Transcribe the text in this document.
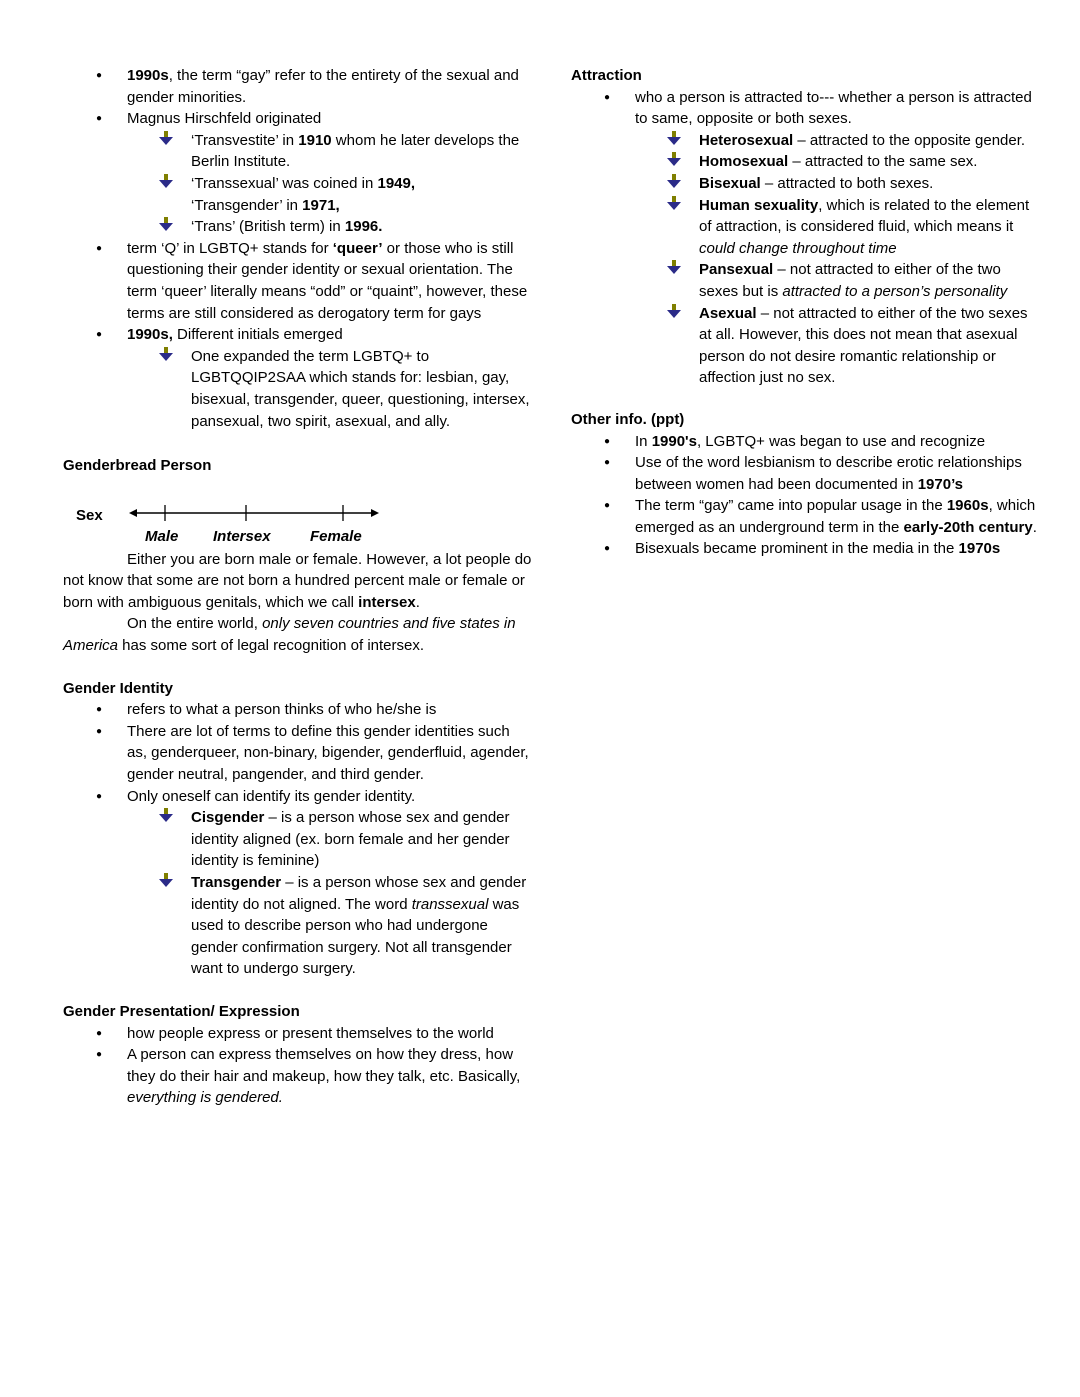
●
1990s, the term “gay” refer to the entirety of the sexual and gender minorities.
●
Magnus Hirschfeld originated
‘Transvestite’ in 1910 whom he later develops the Berlin Institute.
‘Transsexual’ was coined in 1949,
‘Transgender’ in 1971,
‘Trans’ (British term) in 1996.
●
term ‘Q’ in LGBTQ+ stands for ‘queer’ or those who is still questioning their gender identity or sexual orientation. The term ‘queer’ literally means “odd” or “quaint”, however, these terms are still considered as derogatory term for gays
●
1990s, Different initials emerged
One expanded the term LGBTQ+ to LGBTQQIP2SAA which stands for: lesbian, gay, bisexual, transgender, queer, questioning, intersex, pansexual, two spirit, asexual, and ally.

Genderbread Person

Sex
Male Intersex	Female

Either you are born male or female. However, a lot people do not know that some are not born a hundred percent male or female or born with ambiguous genitals, which we call intersex.

On the entire world, only seven countries and five states in America has some sort of legal recognition of intersex.

Gender Identity

●
refers to what a person thinks of who he/she is
●
There are lot of terms to define this gender identities such as, genderqueer, non-binary, bigender, genderfluid, agender, gender neutral, pangender, and third gender.
●
Only oneself can identify its gender identity.
Cisgender – is a person whose sex and gender identity aligned (ex. born female and her gender identity is feminine)
Transgender – is a person whose sex and gender identity do not aligned. The word transsexual was used to describe person who had undergone gender confirmation surgery. Not all transgender want to undergo surgery.

Gender Presentation/ Expression

●
how people express or present themselves to the world
●
A person can express themselves on how they dress, how they do their hair and makeup, how they talk, etc. Basically, everything is gendered.

Attraction

●
who a person is attracted to--- whether a person is attracted to same, opposite or both sexes.
Heterosexual – attracted to the opposite gender.
Homosexual – attracted to the same sex.
Bisexual – attracted to both sexes.
Human sexuality, which is related to the element of attraction, is considered fluid, which means it could change throughout time
Pansexual – not attracted to either of the two sexes but is attracted to a person’s personality
Asexual – not attracted to either of the two sexes at all. However, this does not mean that asexual person do not desire romantic relationship or affection just no sex.

Other info. (ppt)

●
In 1990's, LGBTQ+ was began to use and recognize
●
Use of the word lesbianism to describe erotic relationships between women had been documented in 1970’s
●
The term “gay” came into popular usage in the 1960s, which emerged as an underground term in the early-20th century.
●
Bisexuals became prominent in the media in the 1970s
